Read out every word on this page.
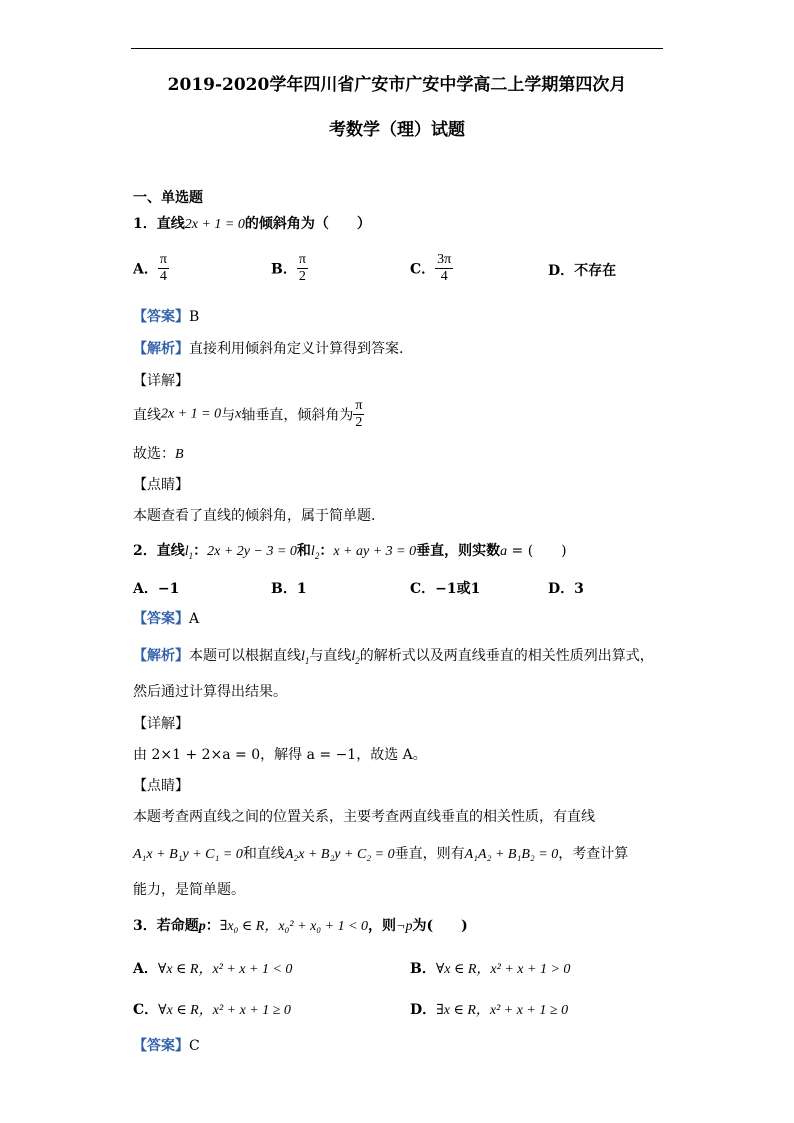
2019-2020学年四川省广安市广安中学高二上学期第四次月
考数学（理）试题
一、单选题
1．直线2x + 1 = 0的倾斜角为（　　）
A． $\frac{\pi}{4}$	B． $\frac{\pi}{2}$	C． $\frac{3\pi}{4}$	D．不存在
【答案】B
【解析】直接利用倾斜角定义计算得到答案.
【详解】
直线2x + 1 = 0与x轴垂直，倾斜角为 $\frac{\pi}{2}$
故选：B
【点睛】
本题查看了直线的倾斜角，属于简单题.
2．直线$l_1$：2x + 2y − 3 = 0和$l_2$：x + ay + 3 = 0垂直，则实数a = (　　)
A．−1	B．1	C．−1或1	D．3
【答案】A
【解析】本题可以根据直线$l_1$与直线$l_2$的解析式以及两直线垂直的相关性质列出算式，
然后通过计算得出结果。
【详解】
由 2×1 + 2×a = 0，解得 a = −1，故选 A。
【点睛】
本题考查两直线之间的位置关系，主要考查两直线垂直的相关性质，有直线
A₁x + B₁y + C₁ = 0和直线A₂x + B₂y + C₂ = 0垂直，则有A₁A₂ + B₁B₂ = 0，考查计算
能力，是简单题。
3．若命题p：∃x₀ ∈ R，x₀² + x₀ + 1 < 0，则¬p为(　　)
A．∀x ∈ R，x² + x + 1 < 0	B．∀x ∈ R，x² + x + 1 > 0
C．∀x ∈ R，x² + x + 1 ≥ 0	D．∃x ∈ R，x² + x + 1 ≥ 0
【答案】C
